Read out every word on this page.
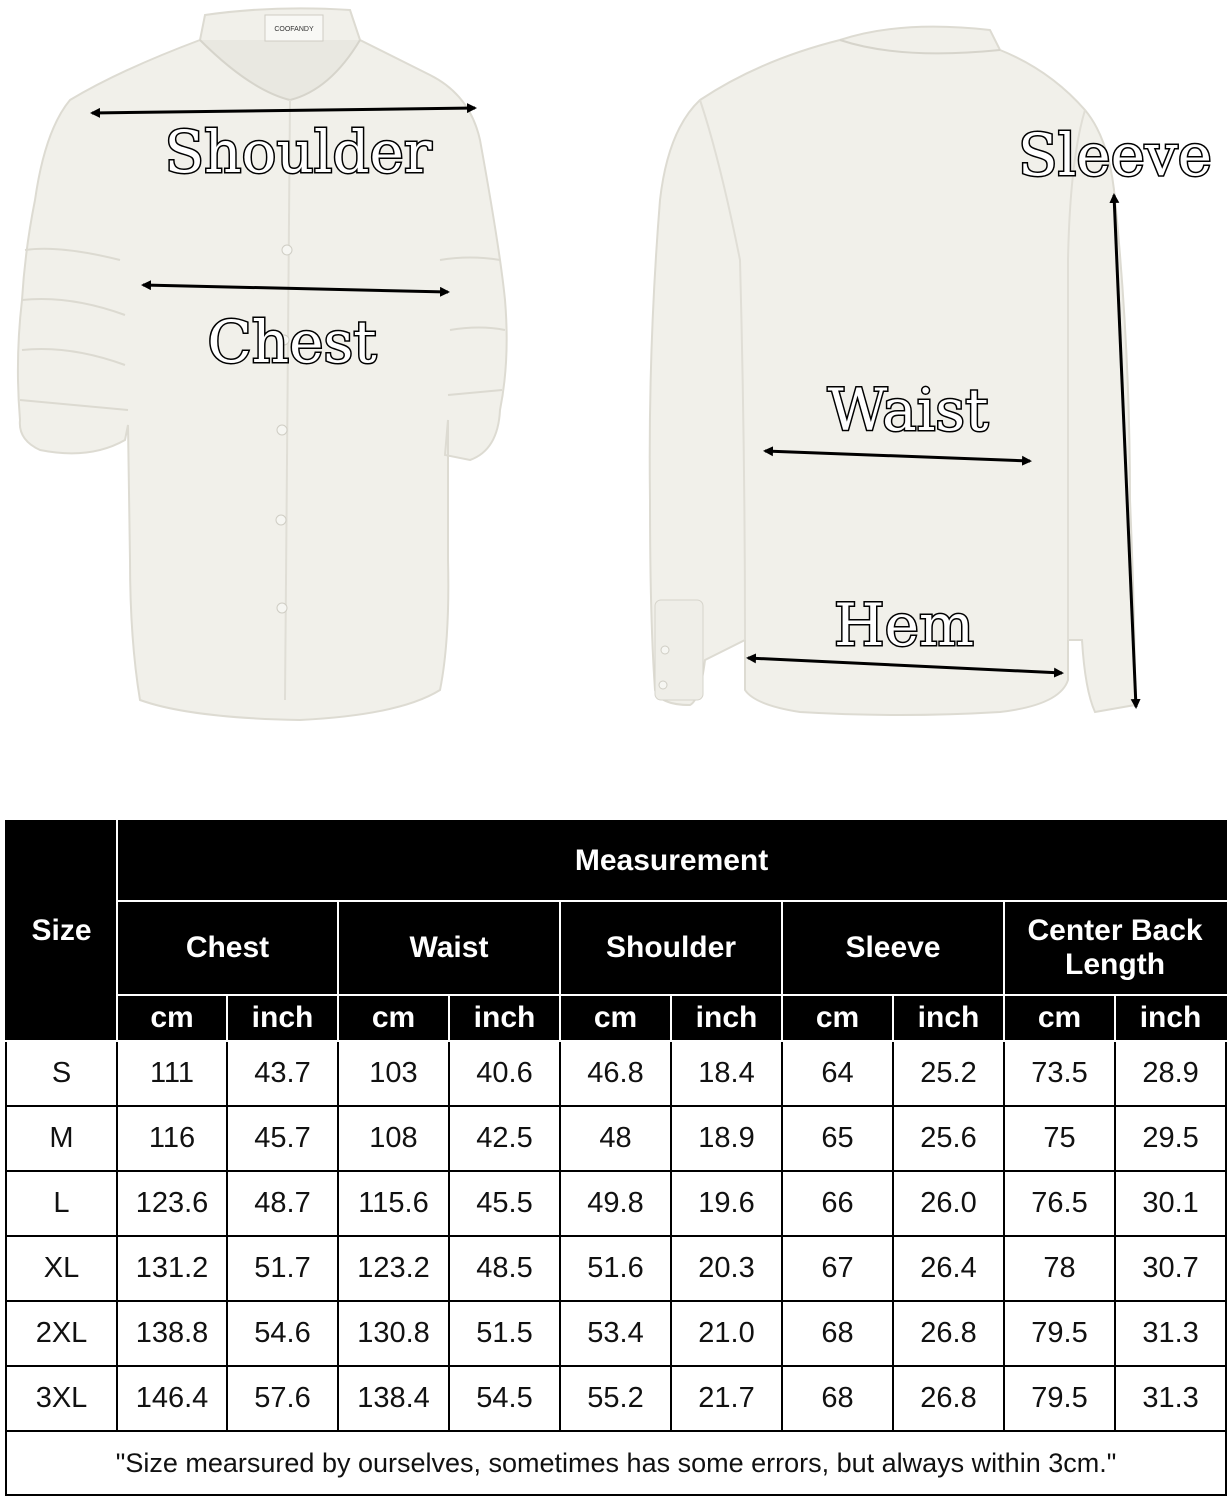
COOFANDY
Shoulder
Chest
Sleeve
Waist
Hem
Size	Measurement									
	Chest		Waist		Shoulder		Sleeve		Center Back Length	
	cm	inch	cm	inch	cm	inch	cm	inch	cm	inch
S	111	43.7	103	40.6	46.8	18.4	64	25.2	73.5	28.9
M	116	45.7	108	42.5	48	18.9	65	25.6	75	29.5
L	123.6	48.7	115.6	45.5	49.8	19.6	66	26.0	76.5	30.1
XL	131.2	51.7	123.2	48.5	51.6	20.3	67	26.4	78	30.7
2XL	138.8	54.6	130.8	51.5	53.4	21.0	68	26.8	79.5	31.3
3XL	146.4	57.6	138.4	54.5	55.2	21.7	68	26.8	79.5	31.3
"Size mearsured by ourselves, sometimes has some errors, but always within 3cm."										
